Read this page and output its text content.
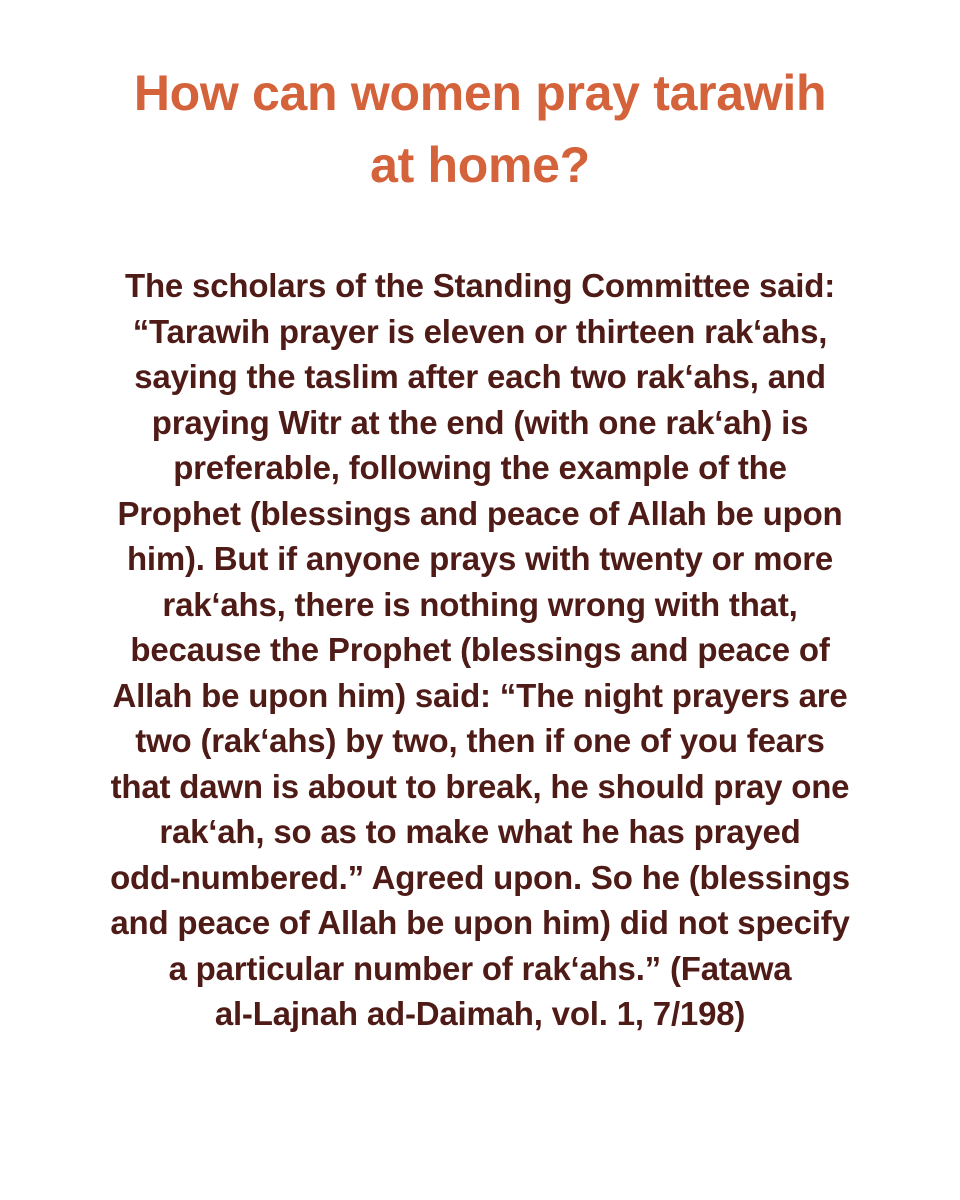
How can women pray tarawih
at home?
The scholars of the Standing Committee said:
“Tarawih prayer is eleven or thirteen rak‘ahs,
saying the taslim after each two rak‘ahs, and
praying Witr at the end (with one rak‘ah) is
preferable, following the example of the
Prophet (blessings and peace of Allah be upon
him). But if anyone prays with twenty or more
rak‘ahs, there is nothing wrong with that,
because the Prophet (blessings and peace of
Allah be upon him) said: “The night prayers are
two (rak‘ahs) by two, then if one of you fears
that dawn is about to break, he should pray one
rak‘ah, so as to make what he has prayed
odd-numbered.” Agreed upon. So he (blessings
and peace of Allah be upon him) did not specify
a particular number of rak‘ahs.” (Fatawa
al-Lajnah ad-Daimah, vol. 1, 7/198)
